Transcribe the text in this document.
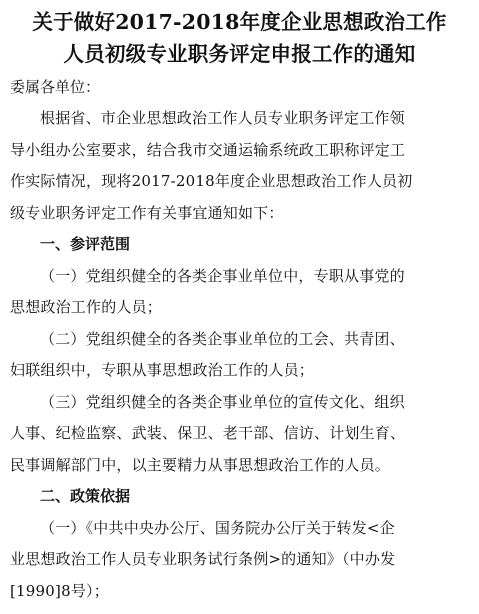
关于做好2017-2018年度企业思想政治工作
人员初级专业职务评定申报工作的通知

委属各单位：

根据省、市企业思想政治工作人员专业职务评定工作领
导小组办公室要求，结合我市交通运输系统政工职称评定工
作实际情况，现将2017-2018年度企业思想政治工作人员初
级专业职务评定工作有关事宜通知如下：

一、参评范围

（一）党组织健全的各类企事业单位中，专职从事党的
思想政治工作的人员；

（二）党组织健全的各类企事业单位的工会、共青团、
妇联组织中，专职从事思想政治工作的人员；

（三）党组织健全的各类企事业单位的宣传文化、组织
人事、纪检监察、武装、保卫、老干部、信访、计划生育、
民事调解部门中，以主要精力从事思想政治工作的人员。

二、政策依据

（一）《中共中央办公厅、国务院办公厅关于转发<企
业思想政治工作人员专业职务试行条例>的通知》（中办发
[1990]8号）；
